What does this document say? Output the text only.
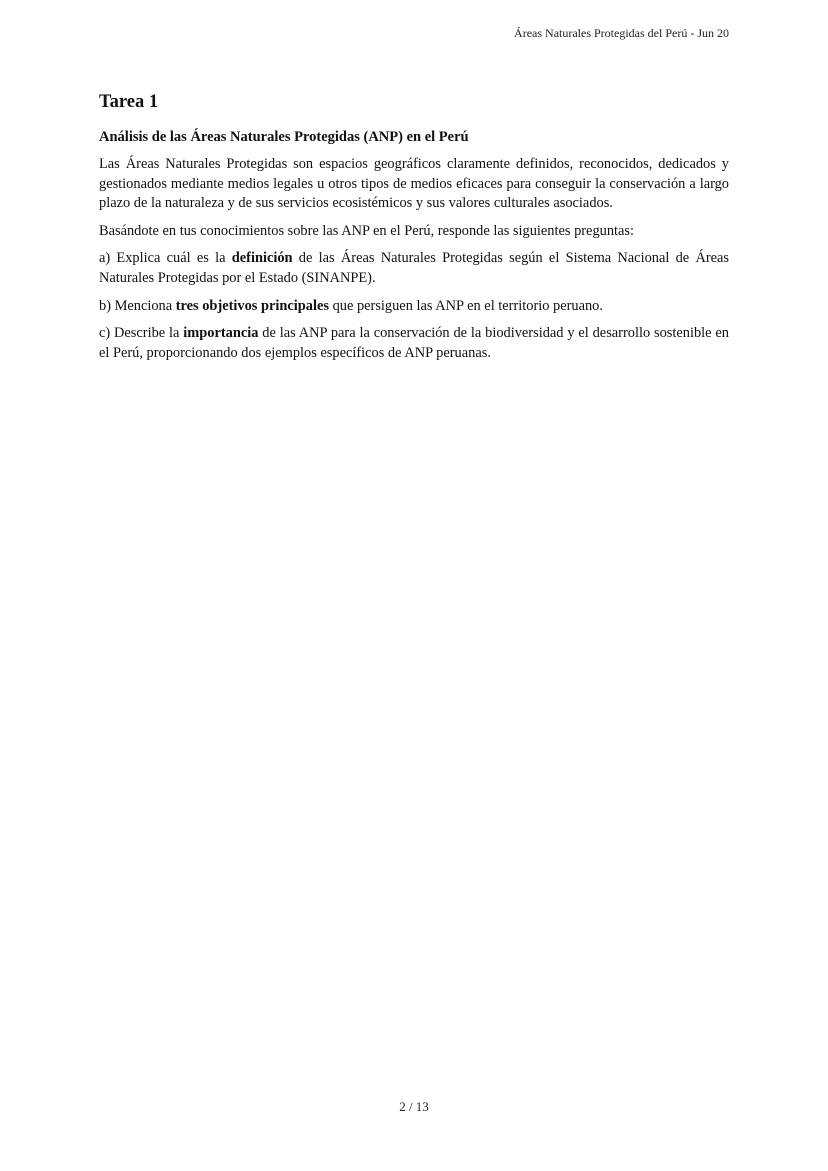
Áreas Naturales Protegidas del Perú - Jun 20
Tarea 1
Análisis de las Áreas Naturales Protegidas (ANP) en el Perú

Las Áreas Naturales Protegidas son espacios geográficos claramente definidos, reconocidos, dedicados y gestionados mediante medios legales u otros tipos de medios eficaces para conseguir la conservación a largo plazo de la naturaleza y de sus servicios ecosistémicos y sus valores culturales asociados.

Basándote en tus conocimientos sobre las ANP en el Perú, responde las siguientes preguntas:

a) Explica cuál es la definición de las Áreas Naturales Protegidas según el Sistema Nacional de Áreas Naturales Protegidas por el Estado (SINANPE).

b) Menciona tres objetivos principales que persiguen las ANP en el territorio peruano.

c) Describe la importancia de las ANP para la conservación de la biodiversidad y el desarrollo sostenible en el Perú, proporcionando dos ejemplos específicos de ANP peruanas.

2 / 13
